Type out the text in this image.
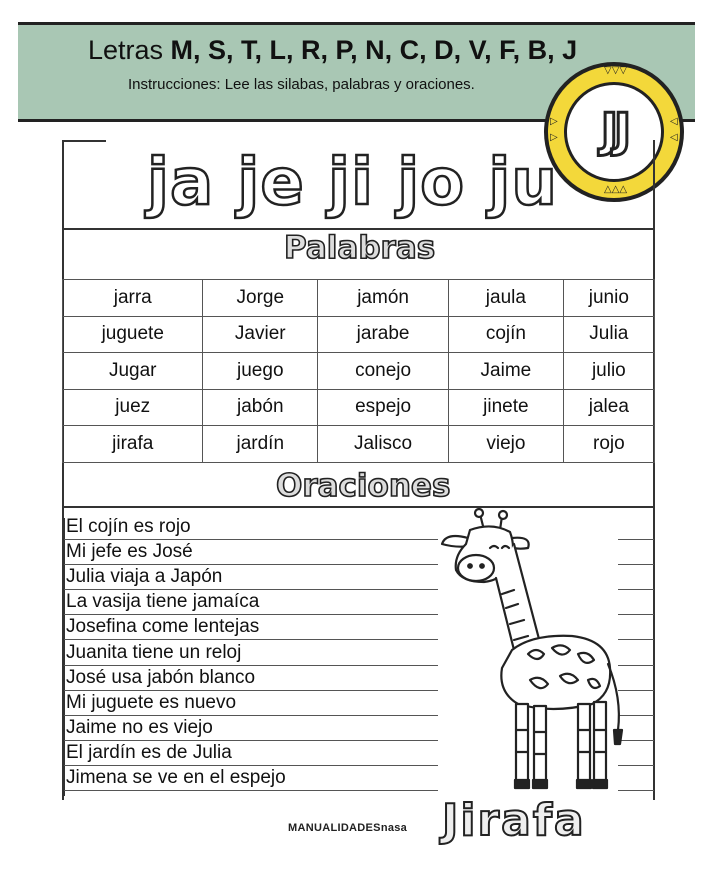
Letras M, S, T, L, R, P, N, C, D, V, F, B, J
Instrucciones: Lee las silabas, palabras y oraciones.
▽▽▽
△△△
▷
▷
◁
◁
JJ
ja je ji jo ju
Palabras
jarra	Jorge	jamón	jaula	junio
juguete	Javier	jarabe	cojín	Julia
Jugar	juego	conejo	Jaime	julio
juez	jabón	espejo	jinete	jalea
jirafa	jardín	Jalisco	viejo	rojo
Oraciones
El cojín es rojo
Mi jefe es José
Julia viaja a Japón
La vasija tiene jamaíca
Josefina come lentejas
Juanita tiene un reloj
José usa jabón blanco
Mi juguete es nuevo
Jaime no es viejo
El jardín es de Julia
Jimena se ve en el espejo
MANUALIDADESnasa Jirafa
